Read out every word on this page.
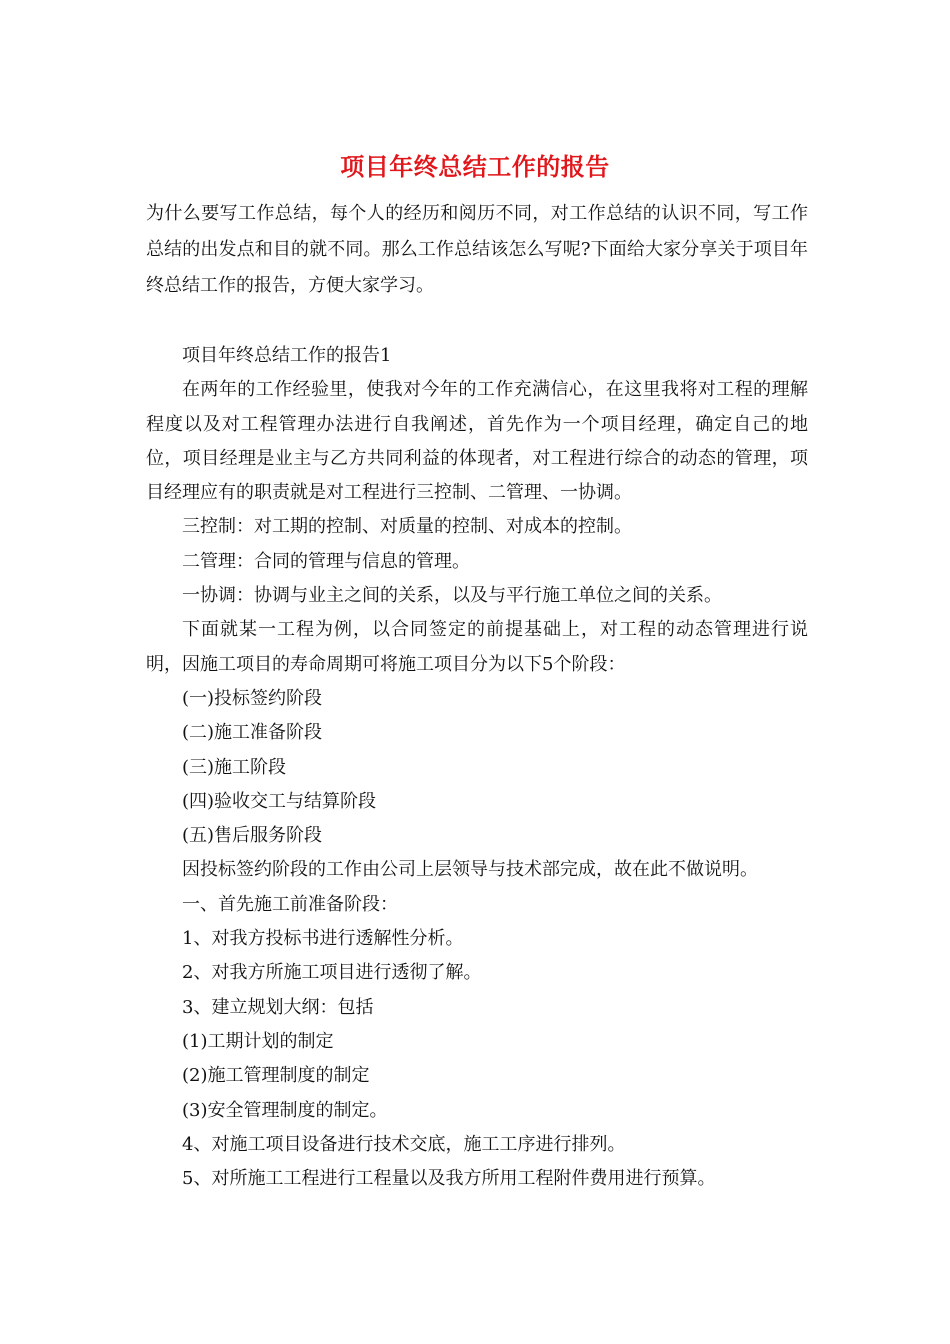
项目年终总结工作的报告

为什么要写工作总结，每个人的经历和阅历不同，对工作总结的认识不同，写工作总结的出发点和目的就不同。那么工作总结该怎么写呢?下面给大家分享关于项目年终总结工作的报告，方便大家学习。

项目年终总结工作的报告1

在两年的工作经验里，使我对今年的工作充满信心，在这里我将对工程的理解程度以及对工程管理办法进行自我阐述，首先作为一个项目经理，确定自己的地位，项目经理是业主与乙方共同利益的体现者，对工程进行综合的动态的管理，项目经理应有的职责就是对工程进行三控制、二管理、一协调。

三控制：对工期的控制、对质量的控制、对成本的控制。

二管理：合同的管理与信息的管理。

一协调：协调与业主之间的关系，以及与平行施工单位之间的关系。

下面就某一工程为例，以合同签定的前提基础上，对工程的动态管理进行说明，因施工项目的寿命周期可将施工项目分为以下5个阶段：

(一)投标签约阶段

(二)施工准备阶段

(三)施工阶段

(四)验收交工与结算阶段

(五)售后服务阶段

因投标签约阶段的工作由公司上层领导与技术部完成，故在此不做说明。

一、首先施工前准备阶段：

1、对我方投标书进行透解性分析。

2、对我方所施工项目进行透彻了解。

3、建立规划大纲：包括

(1)工期计划的制定

(2)施工管理制度的制定

(3)安全管理制度的制定。

4、对施工项目设备进行技术交底，施工工序进行排列。

5、对所施工工程进行工程量以及我方所用工程附件费用进行预算。
